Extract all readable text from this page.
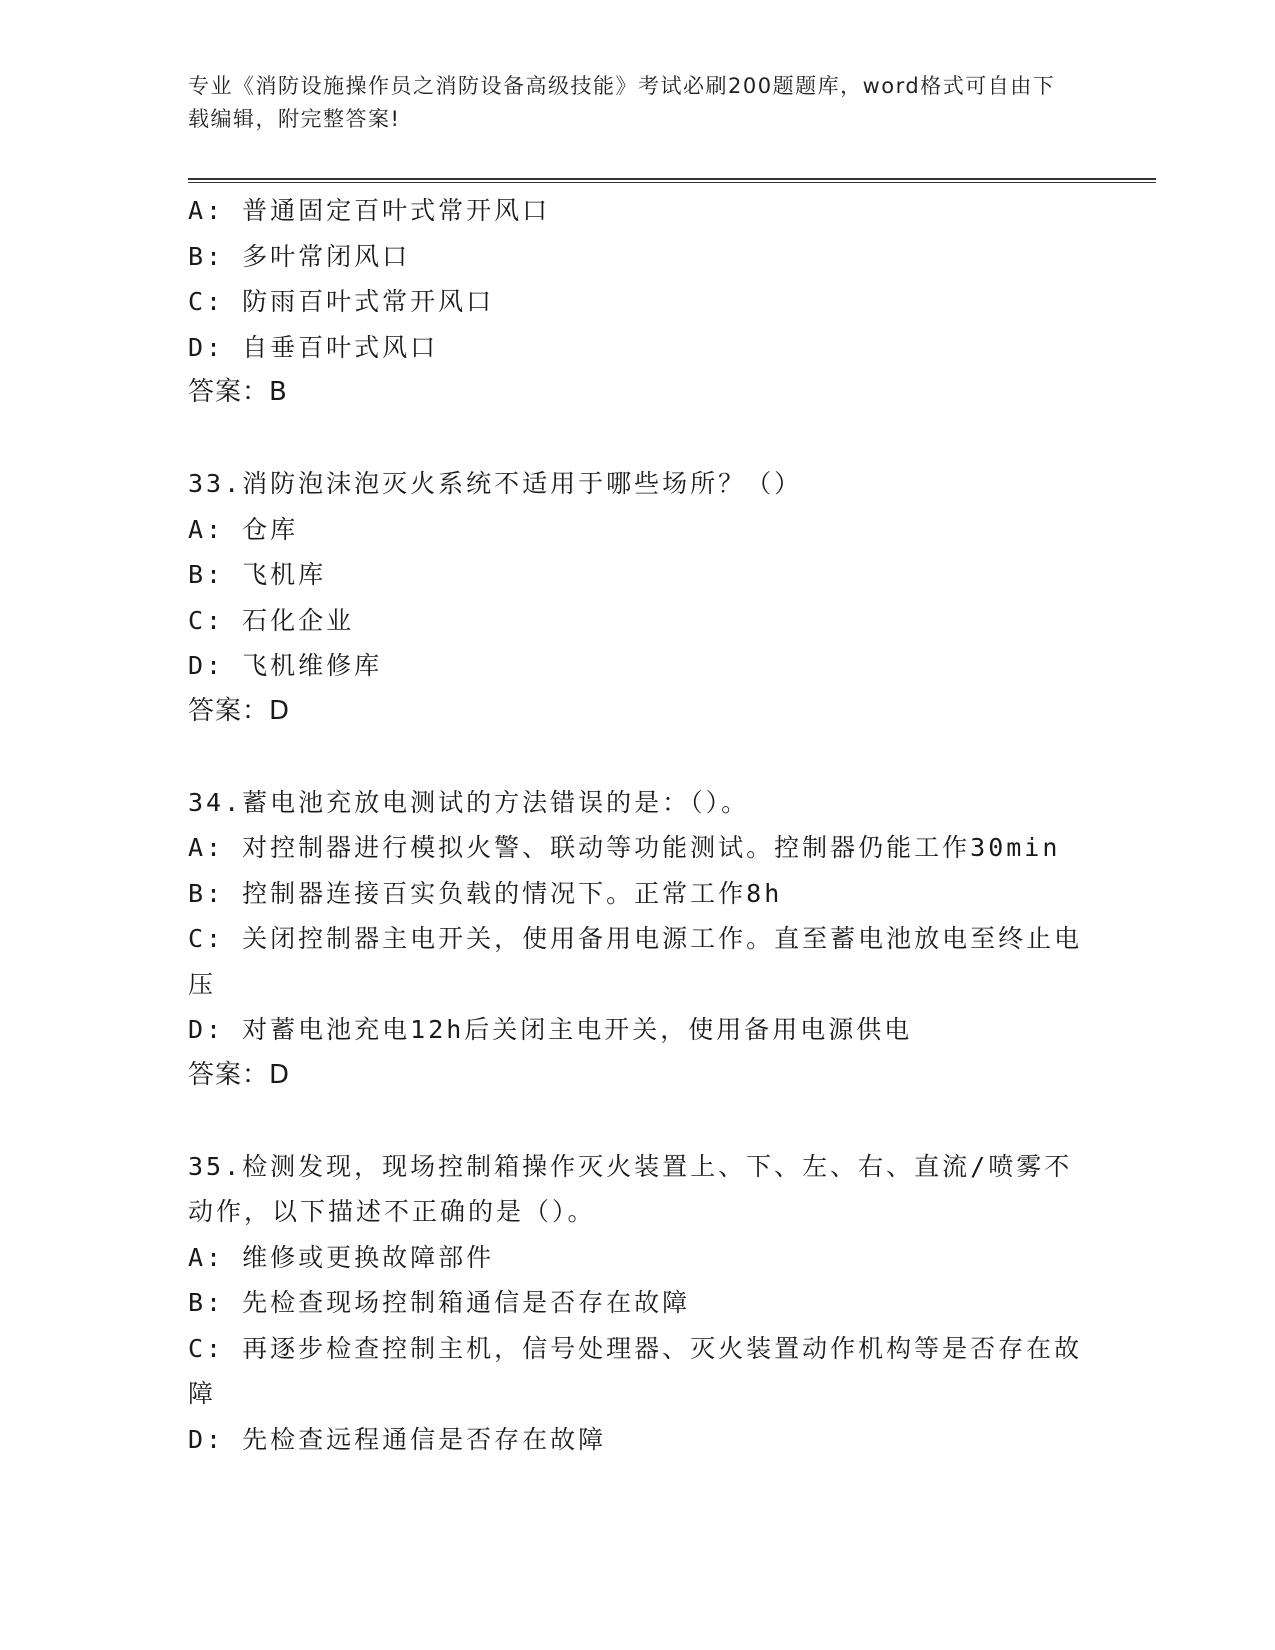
专业《消防设施操作员之消防设备高级技能》考试必刷200题题库，word格式可自由下载编辑，附完整答案!

A: 普通固定百叶式常开风口

B: 多叶常闭风口

C: 防雨百叶式常开风口

D: 自垂百叶式风口

答案：B

33.消防泡沫泡灭火系统不适用于哪些场所？（）

A: 仓库

B: 飞机库

C: 石化企业

D: 飞机维修库

答案：D

34.蓄电池充放电测试的方法错误的是：（）。

A: 对控制器进行模拟火警、联动等功能测试。控制器仍能工作30min

B: 控制器连接百实负载的情况下。正常工作8h

C: 关闭控制器主电开关，使用备用电源工作。直至蓄电池放电至终止电压

D: 对蓄电池充电12h后关闭主电开关，使用备用电源供电

答案：D

35.检测发现，现场控制箱操作灭火装置上、下、左、右、直流/喷雾不动作，以下描述不正确的是（）。

A: 维修或更换故障部件

B: 先检查现场控制箱通信是否存在故障

C: 再逐步检查控制主机，信号处理器、灭火装置动作机构等是否存在故障

D: 先检查远程通信是否存在故障
